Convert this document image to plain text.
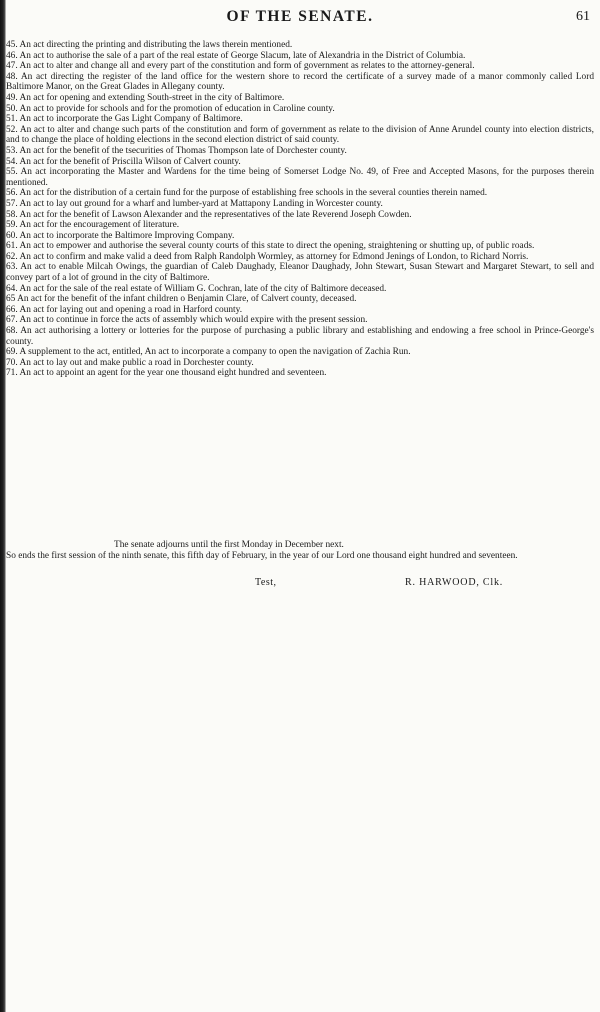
OF THE SENATE.	61

45. An act directing the printing and distributing the laws therein mentioned.

46. An act to authorise the sale of a part of the real estate of George Slacum, late of Alexandria in the District of Columbia.

47. An act to alter and change all and every part of the constitution and form of government as relates to the attorney-general.

48. An act directing the register of the land office for the western shore to record the certificate of a survey made of a manor commonly called Lord Baltimore Manor, on the Great Glades in Allegany county.

49. An act for opening and extending South-street in the city of Baltimore.

50. An act to provide for schools and for the promotion of education in Caroline county.

51. An act to incorporate the Gas Light Company of Baltimore.

52. An act to alter and change such parts of the constitution and form of government as relate to the division of Anne Arundel county into election districts, and to change the place of holding elections in the second election district of said county.

53. An act for the benefit of the tsecurities of Thomas Thompson late of Dorchester county.

54. An act for the benefit of Priscilla Wilson of Calvert county.

55. An act incorporating the Master and Wardens for the time being of Somerset Lodge No. 49, of Free and Accepted Masons, for the purposes therein mentioned.

56. An act for the distribution of a certain fund for the purpose of establishing free schools in the several counties therein named.

57. An act to lay out ground for a wharf and lumber-yard at Mattapony Landing in Worcester county.

58. An act for the benefit of Lawson Alexander and the representatives of the late Reverend Joseph Cowden.

59. An act for the encouragement of literature.

60. An act to incorporate the Baltimore Improving Company.

61. An act to empower and authorise the several county courts of this state to direct the opening, straightening or shutting up, of public roads.

62. An act to confirm and make valid a deed from Ralph Randolph Wormley, as attorney for Edmond Jenings of London, to Richard Norris.

63. An act to enable Milcah Owings, the guardian of Caleb Daughady, Eleanor Daughady, John Stewart, Susan Stewart and Margaret Stewart, to sell and convey part of a lot of ground in the city of Baltimore.

64. An act for the sale of the real estate of William G. Cochran, late of the city of Baltimore deceased.

65 An act for the benefit of the infant children o Benjamin Clare, of Calvert county, deceased.

66. An act for laying out and opening a road in Harford county.

67. An act to continue in force the acts of assembly which would expire with the present session.

68. An act authorising a lottery or lotteries for the purpose of purchasing a public library and establishing and endowing a free school in Prince-George's county.

69. A supplement to the act, entitled, An act to incorporate a company to open the navigation of Zachia Run.

70. An act to lay out and make public a road in Dorchester county.

71. An act to appoint an agent for the year one thousand eight hundred and seventeen.

The senate adjourns until the first Monday in December next.

So ends the first session of the ninth senate, this fifth day of February, in the year of our Lord one thousand eight hundred and seventeen.

Test,	R. HARWOOD, Clk.
